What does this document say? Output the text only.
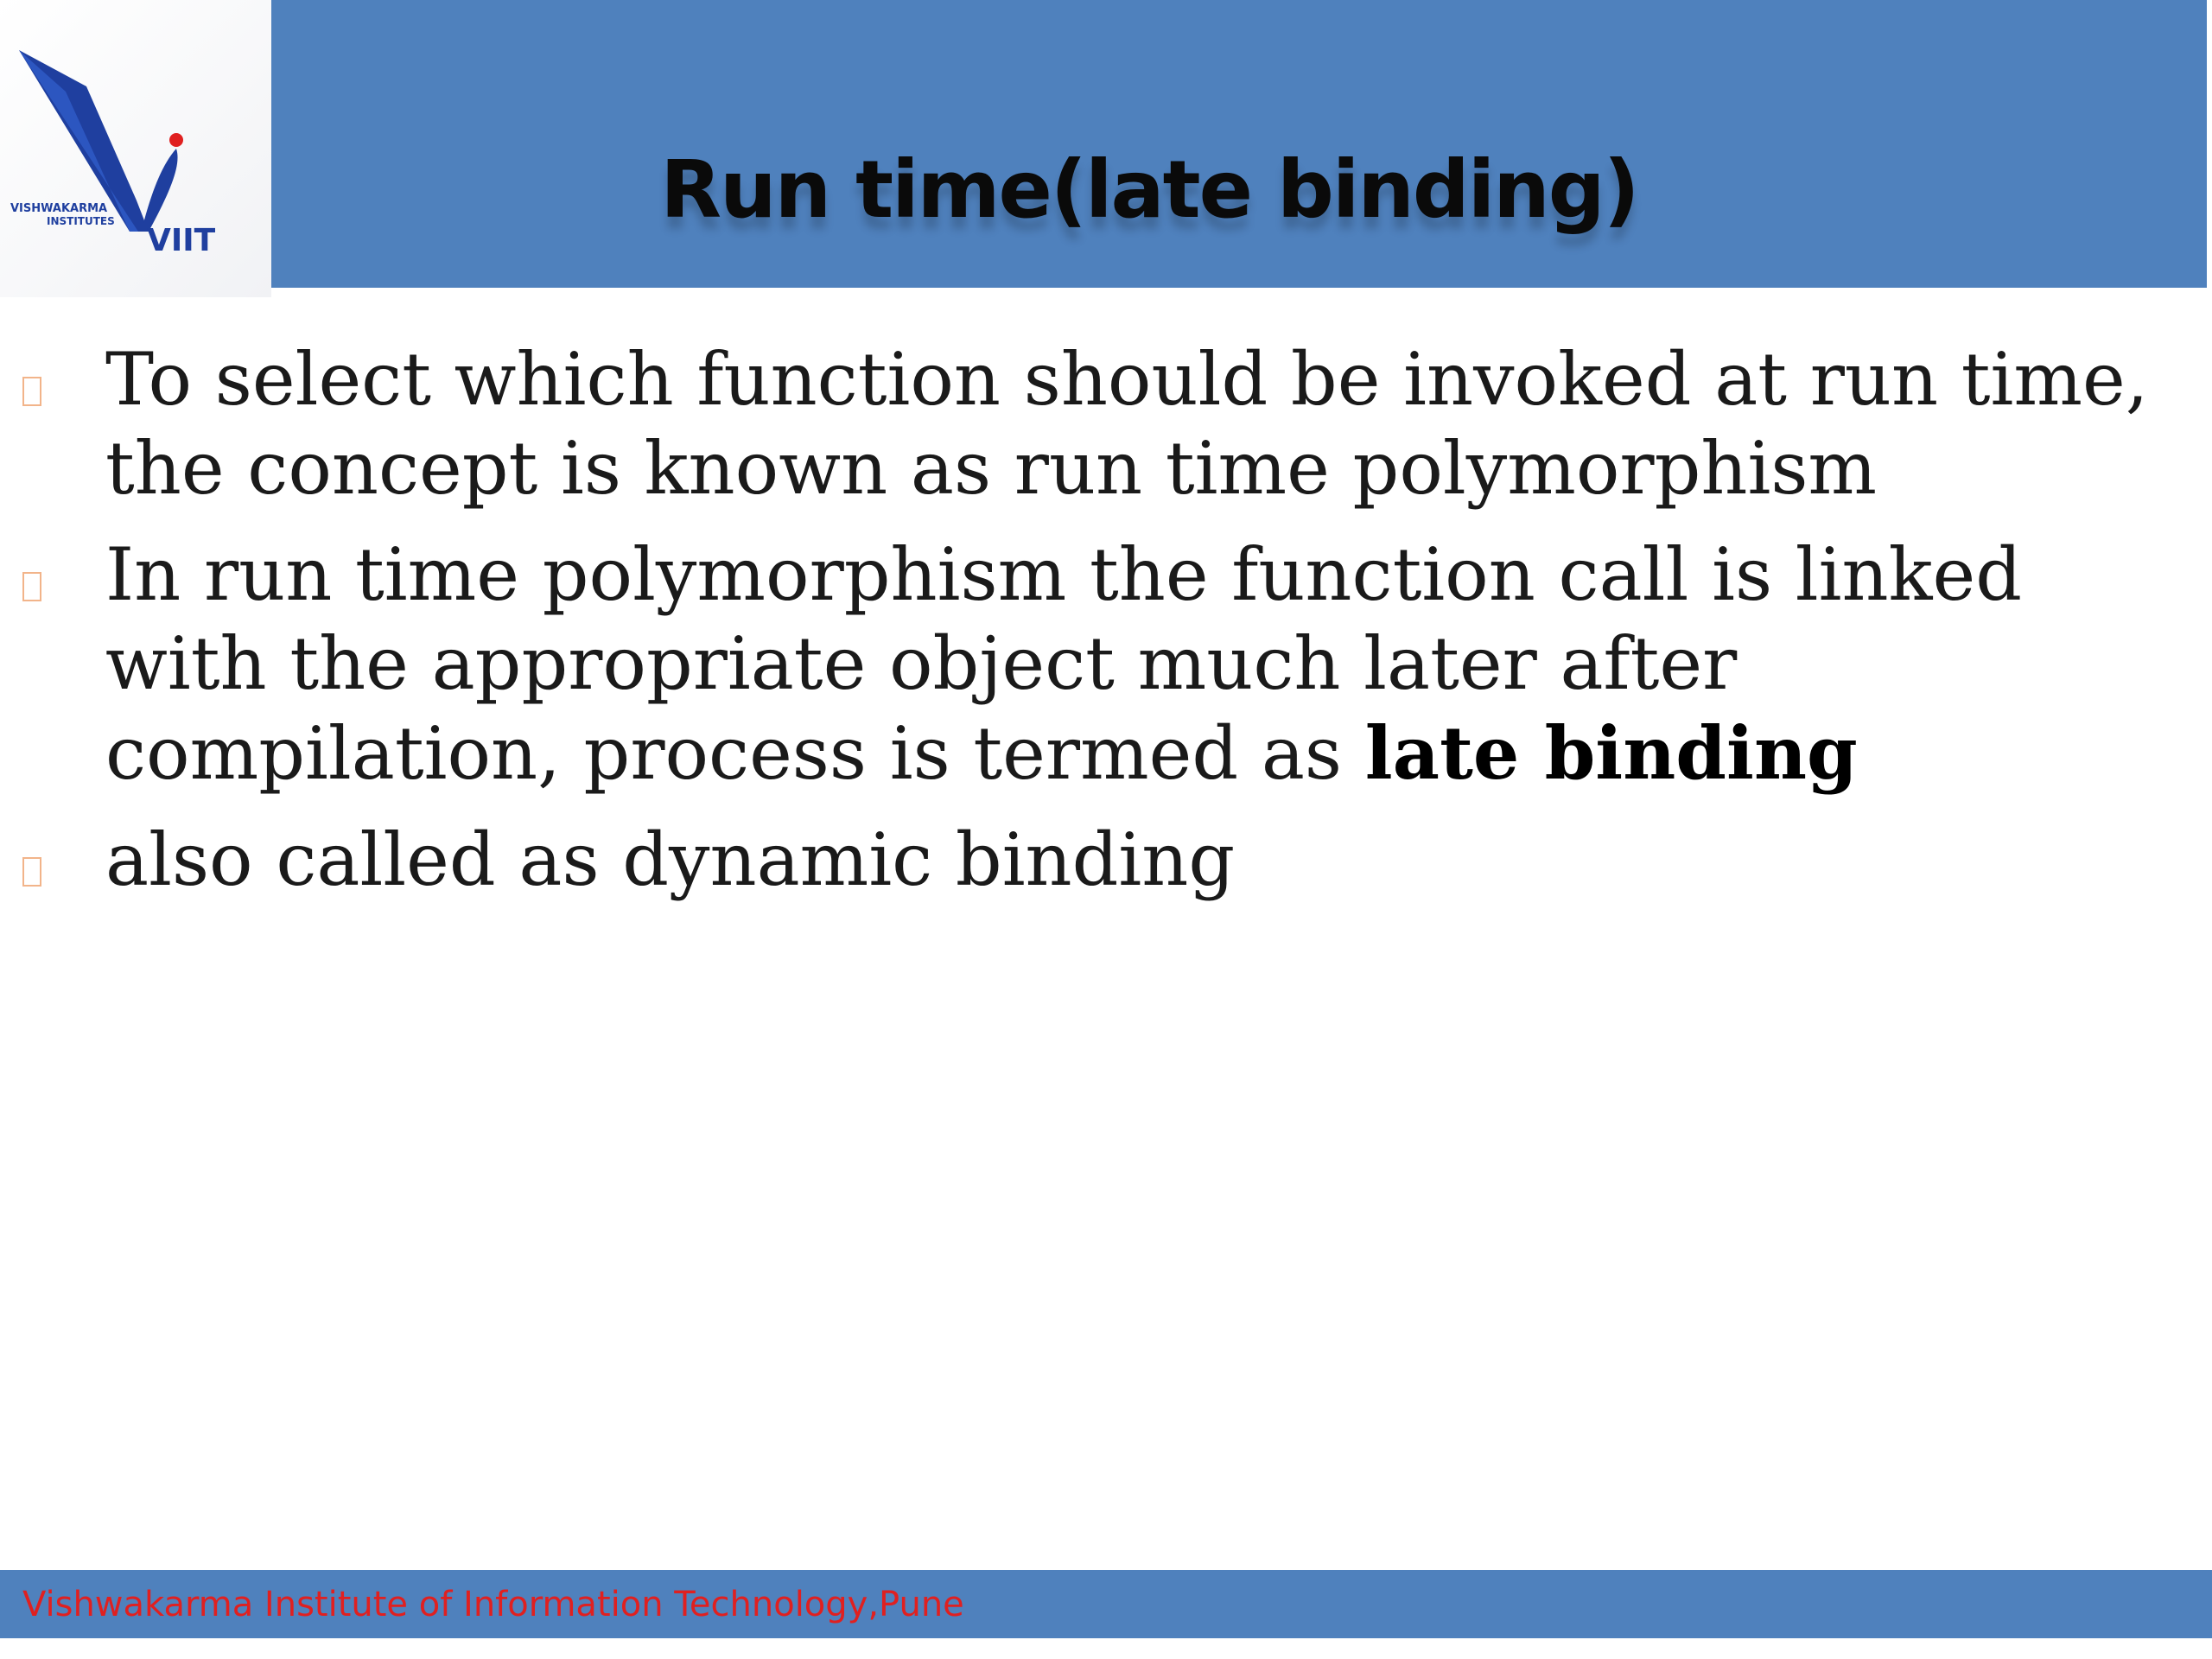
VISHWAKARMA
INSTITUTES
VIIT
Run time(late binding)
To select which function should be invoked at run time, the concept is known as run time polymorphism
In run time polymorphism the function call is linked with the appropriate object much later after compilation, process is termed as late binding
also called as dynamic binding
Vishwakarma Institute of Information Technology,Pune
